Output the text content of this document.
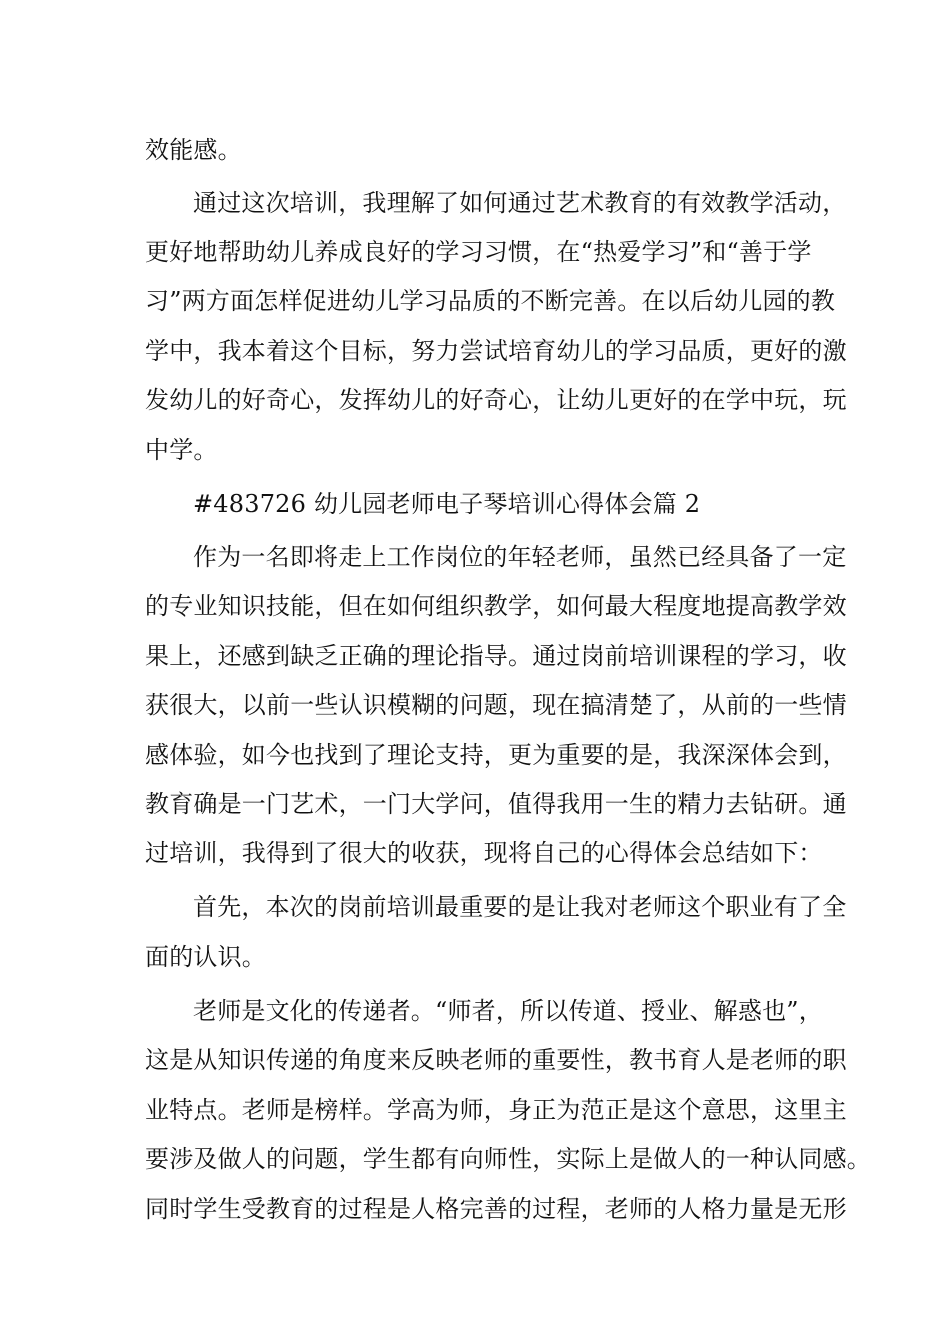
效能感。
通过这次培训，我理解了如何通过艺术教育的有效教学活动，
更好地帮助幼儿养成良好的学习习惯，在“热爱学习”和“善于学
习”两方面怎样促进幼儿学习品质的不断完善。在以后幼儿园的教
学中，我本着这个目标，努力尝试培育幼儿的学习品质，更好的激
发幼儿的好奇心，发挥幼儿的好奇心，让幼儿更好的在学中玩，玩
中学。
#483726 幼儿园老师电子琴培训心得体会篇 2
作为一名即将走上工作岗位的年轻老师，虽然已经具备了一定
的专业知识技能，但在如何组织教学，如何最大程度地提高教学效
果上，还感到缺乏正确的理论指导。通过岗前培训课程的学习，收
获很大，以前一些认识模糊的问题，现在搞清楚了，从前的一些情
感体验，如今也找到了理论支持，更为重要的是，我深深体会到，
教育确是一门艺术，一门大学问，值得我用一生的精力去钻研。通
过培训，我得到了很大的收获，现将自己的心得体会总结如下：
首先，本次的岗前培训最重要的是让我对老师这个职业有了全
面的认识。
老师是文化的传递者。“师者，所以传道、授业、解惑也”，
这是从知识传递的角度来反映老师的重要性，教书育人是老师的职
业特点。老师是榜样。学高为师，身正为范正是这个意思，这里主
要涉及做人的问题，学生都有向师性，实际上是做人的一种认同感。
同时学生受教育的过程是人格完善的过程，老师的人格力量是无形
